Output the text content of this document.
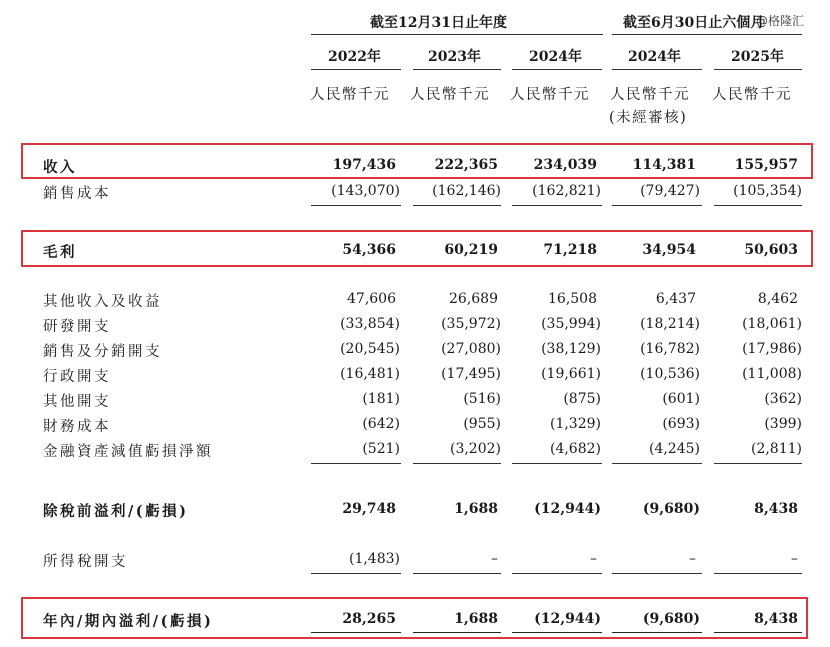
@格隆汇
截至12月31日止年度	截至6月30日止六個月
2022年	2023年	2024年	2024年	2025年
人民幣千元 人民幣千元 人民幣千元 人民幣千元 人民幣千元
(未經審核)
收入	197,436	222,365	234,039	114,381	155,957
銷售成本	(143,070)	(162,146)	(162,821)	(79,427)	(105,354)
毛利	54,366	60,219	71,218	34,954	50,603
其他收入及收益	47,606	26,689	16,508	6,437	8,462
研發開支	(33,854)	(35,972)	(35,994)	(18,214)	(18,061)
銷售及分銷開支	(20,545)	(27,080)	(38,129)	(16,782)	(17,986)
行政開支	(16,481)	(17,495)	(19,661)	(10,536)	(11,008)
其他開支	(181)	(516)	(875)	(601)	(362)
財務成本	(642)	(955)	(1,329)	(693)	(399)
金融資產減值虧損淨額	(521)	(3,202)	(4,682)	(4,245)	(2,811)
除稅前溢利/(虧損)	29,748	1,688	(12,944)	(9,680)	8,438
所得稅開支	(1,483)	–	–	–	–
年內/期內溢利/(虧損)	28,265	1,688	(12,944)	(9,680)	8,438
